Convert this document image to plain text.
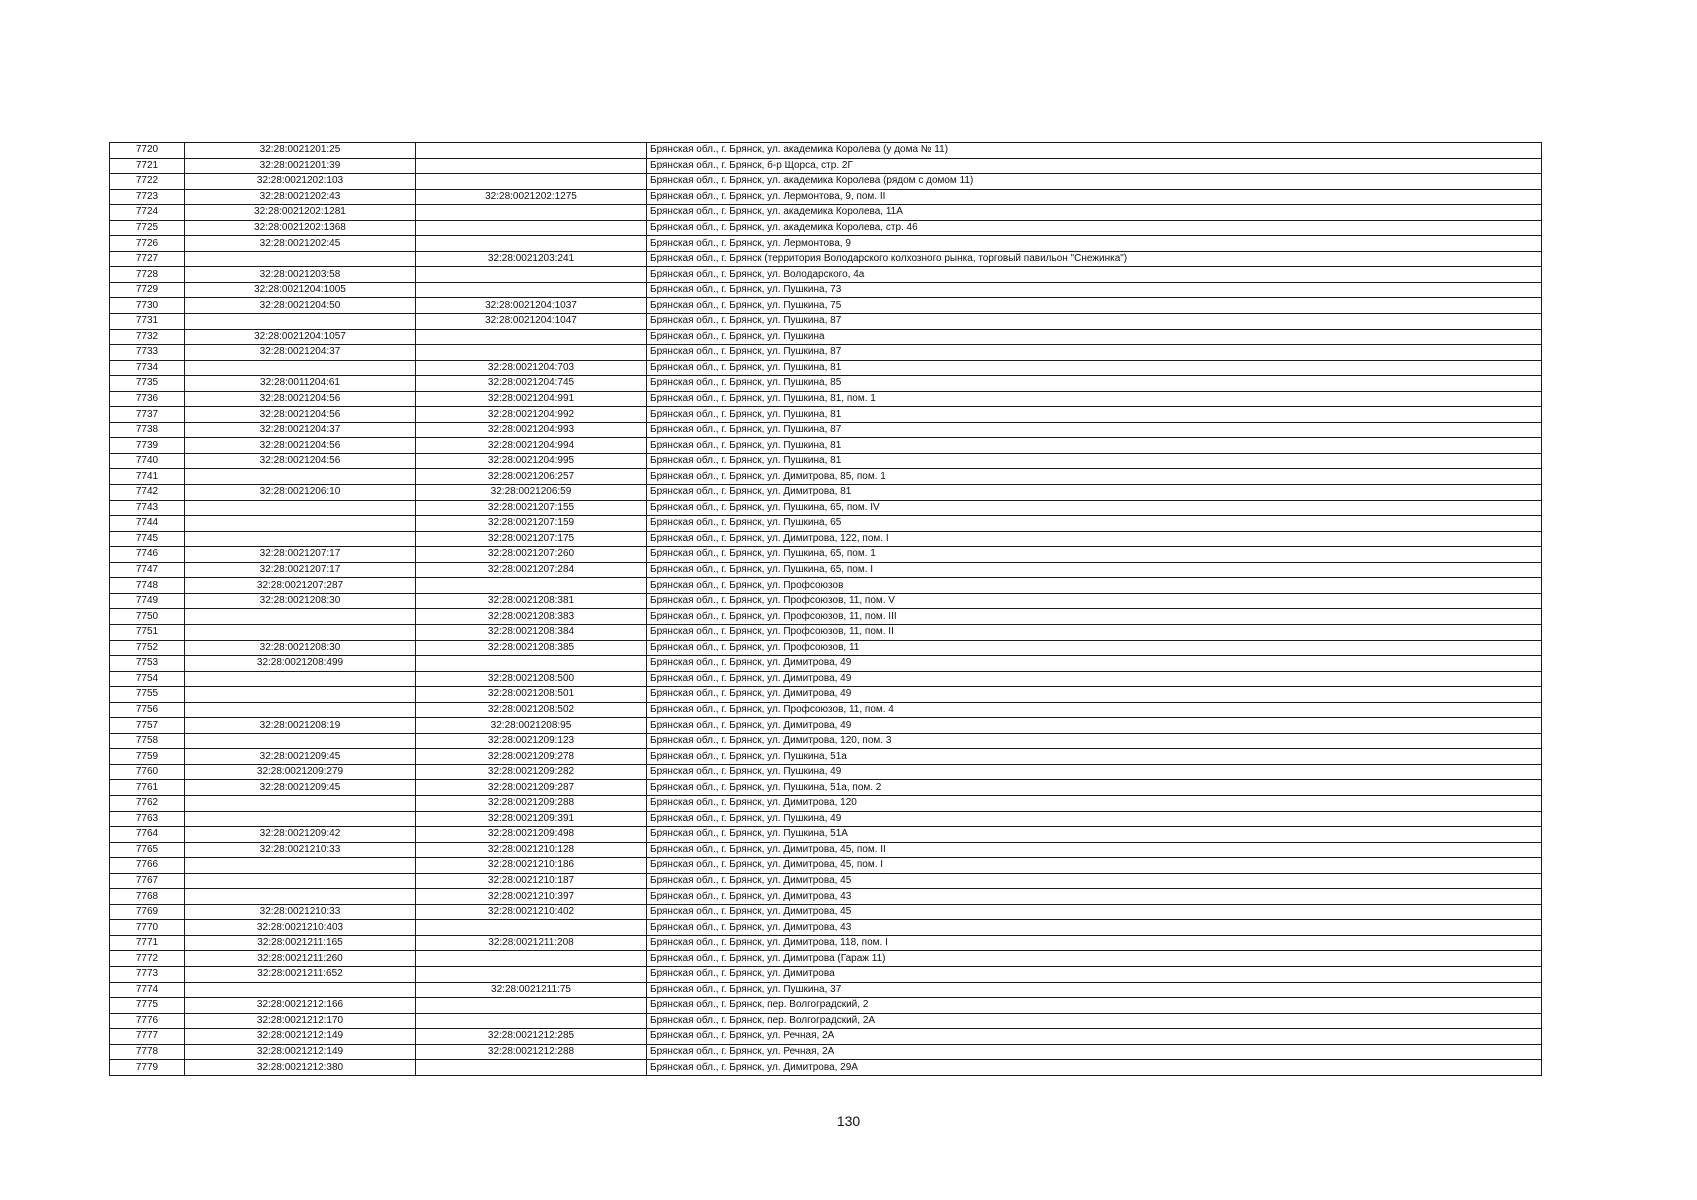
7720	32:28:0021201:25		Брянская обл., г. Брянск, ул. академика Королева (у дома № 11)
7721	32:28:0021201:39		Брянская обл., г. Брянск, б-р Щорса, стр. 2Г
7722	32:28:0021202:103		Брянская обл., г. Брянск, ул. академика Королева (рядом с домом 11)
7723	32:28:0021202:43	32:28:0021202:1275	Брянская обл., г. Брянск, ул. Лермонтова, 9, пом. II
7724	32:28:0021202:1281		Брянская обл., г. Брянск, ул. академика Королева, 11А
7725	32:28:0021202:1368		Брянская обл., г. Брянск, ул. академика Королева, стр. 46
7726	32:28:0021202:45		Брянская обл., г. Брянск, ул. Лермонтова, 9
7727		32:28:0021203:241	Брянская обл., г. Брянск (территория Володарского колхозного рынка, торговый павильон "Снежинка")
7728	32:28:0021203:58		Брянская обл., г. Брянск, ул. Володарского, 4а
7729	32:28:0021204:1005		Брянская обл., г. Брянск, ул. Пушкина, 73
7730	32:28:0021204:50	32:28:0021204:1037	Брянская обл., г. Брянск, ул. Пушкина, 75
7731		32:28:0021204:1047	Брянская обл., г. Брянск, ул. Пушкина, 87
7732	32:28:0021204:1057		Брянская обл., г. Брянск, ул. Пушкина
7733	32:28:0021204:37		Брянская обл., г. Брянск, ул. Пушкина, 87
7734		32:28:0021204:703	Брянская обл., г. Брянск, ул. Пушкина, 81
7735	32:28:0011204:61	32:28:0021204:745	Брянская обл., г. Брянск, ул. Пушкина, 85
7736	32:28:0021204:56	32:28:0021204:991	Брянская обл., г. Брянск, ул. Пушкина, 81, пом. 1
7737	32:28:0021204:56	32:28:0021204:992	Брянская обл., г. Брянск, ул. Пушкина, 81
7738	32:28:0021204:37	32:28:0021204:993	Брянская обл., г. Брянск, ул. Пушкина, 87
7739	32:28:0021204:56	32:28:0021204:994	Брянская обл., г. Брянск, ул. Пушкина, 81
7740	32:28:0021204:56	32:28:0021204:995	Брянская обл., г. Брянск, ул. Пушкина, 81
7741		32:28:0021206:257	Брянская обл., г. Брянск, ул. Димитрова, 85, пом. 1
7742	32:28:0021206:10	32:28:0021206:59	Брянская обл., г. Брянск, ул. Димитрова, 81
7743		32:28:0021207:155	Брянская обл., г. Брянск, ул. Пушкина, 65, пом. IV
7744		32:28:0021207:159	Брянская обл., г. Брянск, ул. Пушкина, 65
7745		32:28:0021207:175	Брянская обл., г. Брянск, ул. Димитрова, 122, пом. I
7746	32:28:0021207:17	32:28:0021207:260	Брянская обл., г. Брянск, ул. Пушкина, 65, пом. 1
7747	32:28:0021207:17	32:28:0021207:284	Брянская обл., г. Брянск, ул. Пушкина, 65, пом. I
7748	32:28:0021207:287		Брянская обл., г. Брянск, ул. Профсоюзов
7749	32:28:0021208:30	32:28:0021208:381	Брянская обл., г. Брянск, ул. Профсоюзов, 11, пом. V
7750		32:28:0021208:383	Брянская обл., г. Брянск, ул. Профсоюзов, 11, пом. III
7751		32:28:0021208:384	Брянская обл., г. Брянск, ул. Профсоюзов, 11, пом. II
7752	32:28:0021208:30	32:28:0021208:385	Брянская обл., г. Брянск, ул. Профсоюзов, 11
7753	32:28:0021208:499		Брянская обл., г. Брянск, ул. Димитрова, 49
7754		32:28:0021208:500	Брянская обл., г. Брянск, ул. Димитрова, 49
7755		32:28:0021208:501	Брянская обл., г. Брянск, ул. Димитрова, 49
7756		32:28:0021208:502	Брянская обл., г. Брянск, ул. Профсоюзов, 11, пом. 4
7757	32:28:0021208:19	32:28:0021208:95	Брянская обл., г. Брянск, ул. Димитрова, 49
7758		32:28:0021209:123	Брянская обл., г. Брянск, ул. Димитрова, 120, пом. 3
7759	32:28:0021209:45	32:28:0021209:278	Брянская обл., г. Брянск, ул. Пушкина, 51а
7760	32:28:0021209:279	32:28:0021209:282	Брянская обл., г. Брянск, ул. Пушкина, 49
7761	32:28:0021209:45	32:28:0021209:287	Брянская обл., г. Брянск, ул. Пушкина, 51а, пом. 2
7762		32:28:0021209:288	Брянская обл., г. Брянск, ул. Димитрова, 120
7763		32:28:0021209:391	Брянская обл., г. Брянск, ул. Пушкина, 49
7764	32:28:0021209:42	32:28:0021209:498	Брянская обл., г. Брянск, ул. Пушкина, 51А
7765	32:28:0021210:33	32:28:0021210:128	Брянская обл., г. Брянск, ул. Димитрова, 45, пом. II
7766		32:28:0021210:186	Брянская обл., г. Брянск, ул. Димитрова, 45, пом. I
7767		32:28:0021210:187	Брянская обл., г. Брянск, ул. Димитрова, 45
7768		32:28:0021210:397	Брянская обл., г. Брянск, ул. Димитрова, 43
7769	32:28:0021210:33	32:28:0021210:402	Брянская обл., г. Брянск, ул. Димитрова, 45
7770	32:28:0021210:403		Брянская обл., г. Брянск, ул. Димитрова, 43
7771	32:28:0021211:165	32:28:0021211:208	Брянская обл., г. Брянск, ул. Димитрова, 118, пом. I
7772	32:28:0021211:260		Брянская обл., г. Брянск, ул. Димитрова (Гараж 11)
7773	32:28:0021211:652		Брянская обл., г. Брянск, ул. Димитрова
7774		32:28:0021211:75	Брянская обл., г. Брянск, ул. Пушкина, 37
7775	32:28:0021212:166		Брянская обл., г. Брянск, пер. Волгоградский, 2
7776	32:28:0021212:170		Брянская обл., г. Брянск, пер. Волгоградский, 2А
7777	32:28:0021212:149	32:28:0021212:285	Брянская обл., г. Брянск, ул. Речная, 2А
7778	32:28:0021212:149	32:28:0021212:288	Брянская обл., г. Брянск, ул. Речная, 2А
7779	32:28:0021212:380		Брянская обл., г. Брянск, ул. Димитрова, 29А
130
